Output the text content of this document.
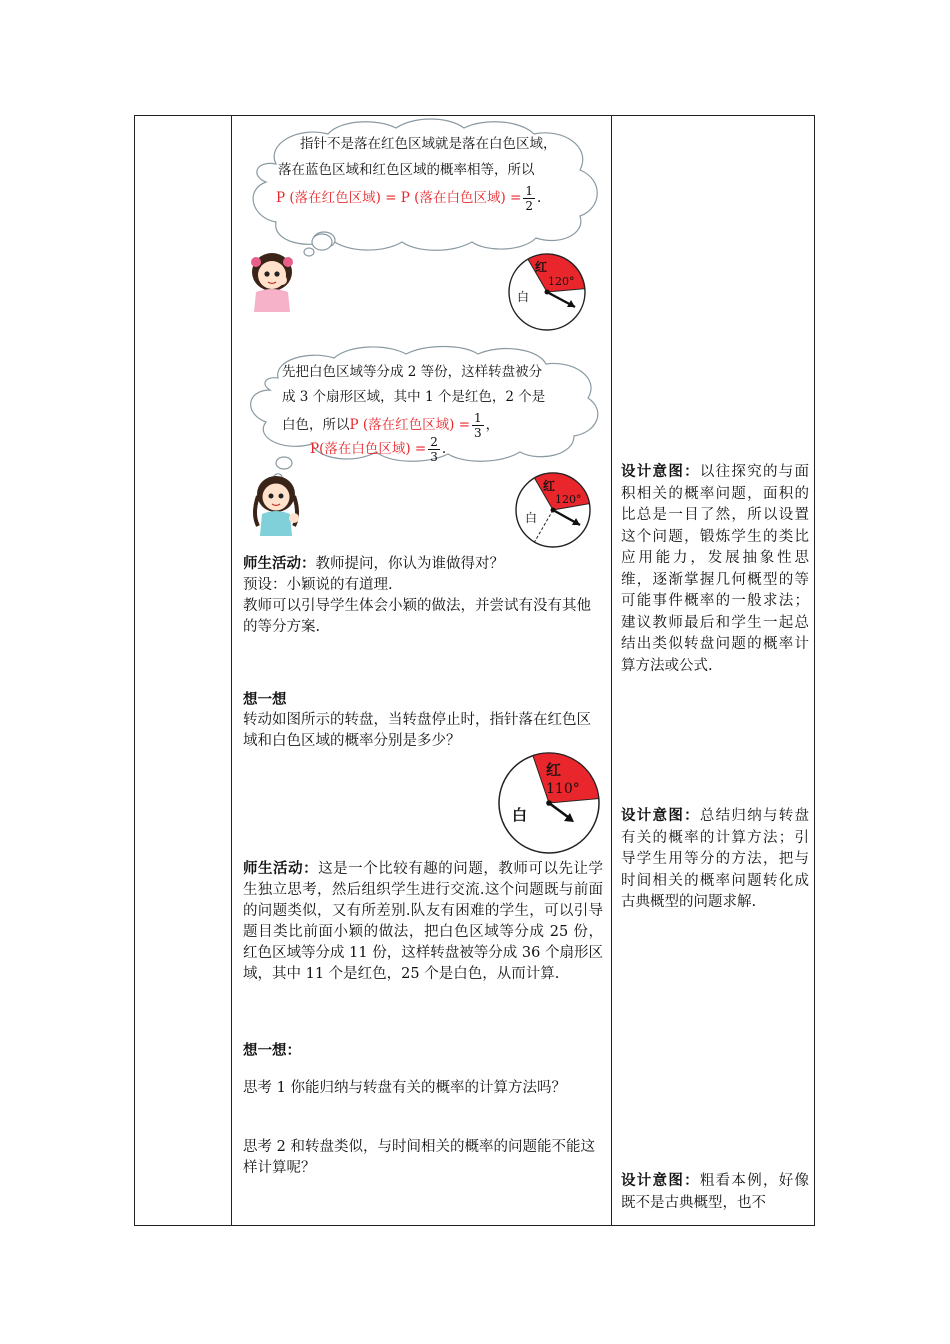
指针不是落在红色区域就是落在白色区域，
落在蓝色区域和红色区域的概率相等，所以
P (落在红色区域) = P (落在白色区域) = $\frac{1}{2}$ .
红
120°
白
先把白色区域等分成 2 等份，这样转盘被分
成 3 个扇形区域，其中 1 个是红色，2 个是
白色，所以P (落在红色区域) = $\frac{1}{3}$ ，
P(落在白色区域) = $\frac{2}{3}$ .
红
120°
白
师生活动：教师提问，你认为谁做得对？
预设：小颖说的有道理.
教师可以引导学生体会小颖的做法，并尝试有没有其他的等分方案.
想一想
转动如图所示的转盘，当转盘停止时，指针落在红色区域和白色区域的概率分别是多少？
红
110°
白
师生活动：这是一个比较有趣的问题，教师可以先让学生独立思考，然后组织学生进行交流.这个问题既与前面的问题类似，又有所差别.队友有困难的学生，可以引导题目类比前面小颖的做法，把白色区域等分成 25 份，红色区域等分成 11 份，这样转盘被等分成 36 个扇形区域，其中 11 个是红色，25 个是白色，从而计算.
想一想：
思考 1 你能归纳与转盘有关的概率的计算方法吗？
思考 2 和转盘类似，与时间相关的概率的问题能不能这样计算呢？
设计意图：以往探究的与面积相关的概率问题，面积的比总是一目了然，所以设置这个问题，锻炼学生的类比应用能力，发展抽象性思维，逐渐掌握几何概型的等可能事件概率的一般求法；建议教师最后和学生一起总结出类似转盘问题的概率计算方法或公式.
设计意图：总结归纳与转盘有关的概率的计算方法；引导学生用等分的方法，把与时间相关的概率问题转化成古典概型的问题求解.
设计意图：粗看本例，好像既不是古典概型，也不
